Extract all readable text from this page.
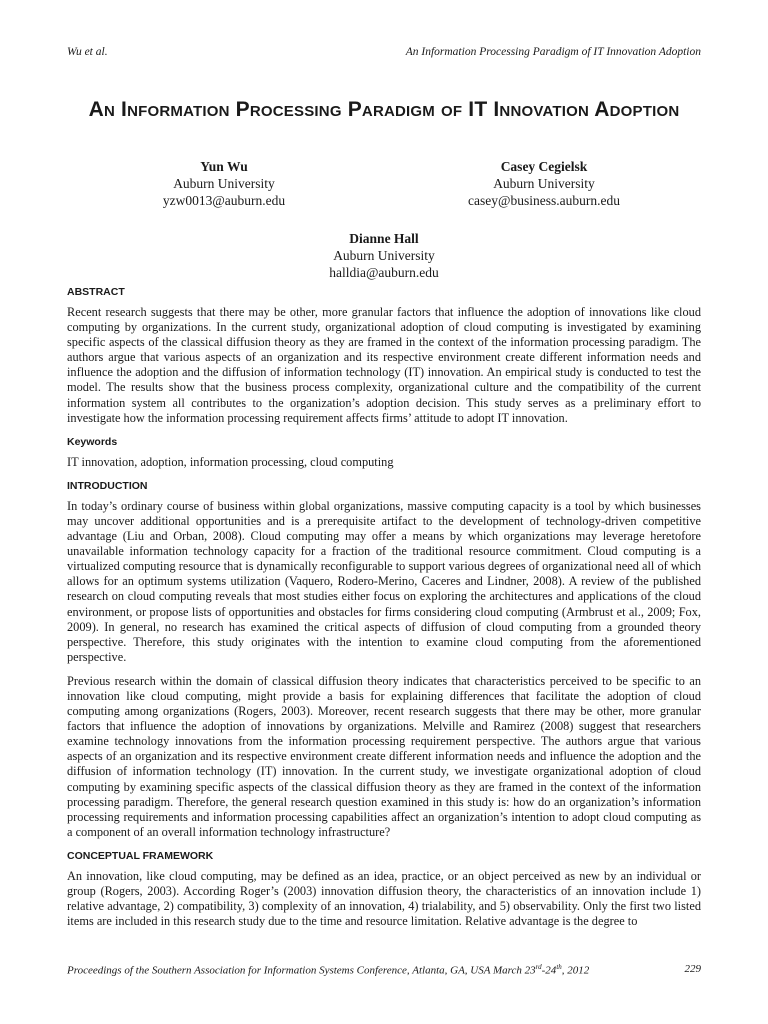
Wu et al.	An Information Processing Paradigm of IT Innovation Adoption
An Information Processing Paradigm of IT Innovation Adoption
Yun Wu
Auburn University
yzw0013@auburn.edu
Casey Cegielsk
Auburn University
casey@business.auburn.edu
Dianne Hall
Auburn University
halldia@auburn.edu
ABSTRACT

Recent research suggests that there may be other, more granular factors that influence the adoption of innovations like cloud computing by organizations. In the current study, organizational adoption of cloud computing is investigated by examining specific aspects of the classical diffusion theory as they are framed in the context of the information processing paradigm. The authors argue that various aspects of an organization and its respective environment create different information needs and influence the adoption and the diffusion of information technology (IT) innovation. An empirical study is conducted to test the model. The results show that the business process complexity, organizational culture and the compatibility of the current information system all contributes to the organization’s adoption decision. This study serves as a preliminary effort to investigate how the information processing requirement affects firms’ attitude to adopt IT innovation.

Keywords

IT innovation, adoption, information processing, cloud computing

INTRODUCTION

In today’s ordinary course of business within global organizations, massive computing capacity is a tool by which businesses may uncover additional opportunities and is a prerequisite artifact to the development of technology-driven competitive advantage (Liu and Orban, 2008). Cloud computing may offer a means by which organizations may leverage heretofore unavailable information technology capacity for a fraction of the traditional resource commitment. Cloud computing is a virtualized computing resource that is dynamically reconfigurable to support various degrees of organizational need all of which allows for an optimum systems utilization (Vaquero, Rodero-Merino, Caceres and Lindner, 2008). A review of the published research on cloud computing reveals that most studies either focus on exploring the architectures and applications of the cloud environment, or propose lists of opportunities and obstacles for firms considering cloud computing (Armbrust et al., 2009; Fox, 2009). In general, no research has examined the critical aspects of diffusion of cloud computing from a grounded theory perspective. Therefore, this study originates with the intention to examine cloud computing from the aforementioned perspective.

Previous research within the domain of classical diffusion theory indicates that characteristics perceived to be specific to an innovation like cloud computing, might provide a basis for explaining differences that facilitate the adoption of cloud computing among organizations (Rogers, 2003). Moreover, recent research suggests that there may be other, more granular factors that influence the adoption of innovations by organizations. Melville and Ramirez (2008) suggest that researchers examine technology innovations from the information processing requirement perspective. The authors argue that various aspects of an organization and its respective environment create different information needs and influence the adoption and the diffusion of information technology (IT) innovation. In the current study, we investigate organizational adoption of cloud computing by examining specific aspects of the classical diffusion theory as they are framed in the context of the information processing paradigm. Therefore, the general research question examined in this study is: how do an organization’s information processing requirements and information processing capabilities affect an organization’s intention to adopt cloud computing as a component of an overall information technology infrastructure?

CONCEPTUAL FRAMEWORK

An innovation, like cloud computing, may be defined as an idea, practice, or an object perceived as new by an individual or group (Rogers, 2003). According Roger’s (2003) innovation diffusion theory, the characteristics of an innovation include 1) relative advantage, 2) compatibility, 3) complexity of an innovation, 4) trialability, and 5) observability. Only the first two listed items are included in this research study due to the time and resource limitation. Relative advantage is the degree to

Proceedings of the Southern Association for Information Systems Conference, Atlanta, GA, USA March 23rd-24th, 2012	229
